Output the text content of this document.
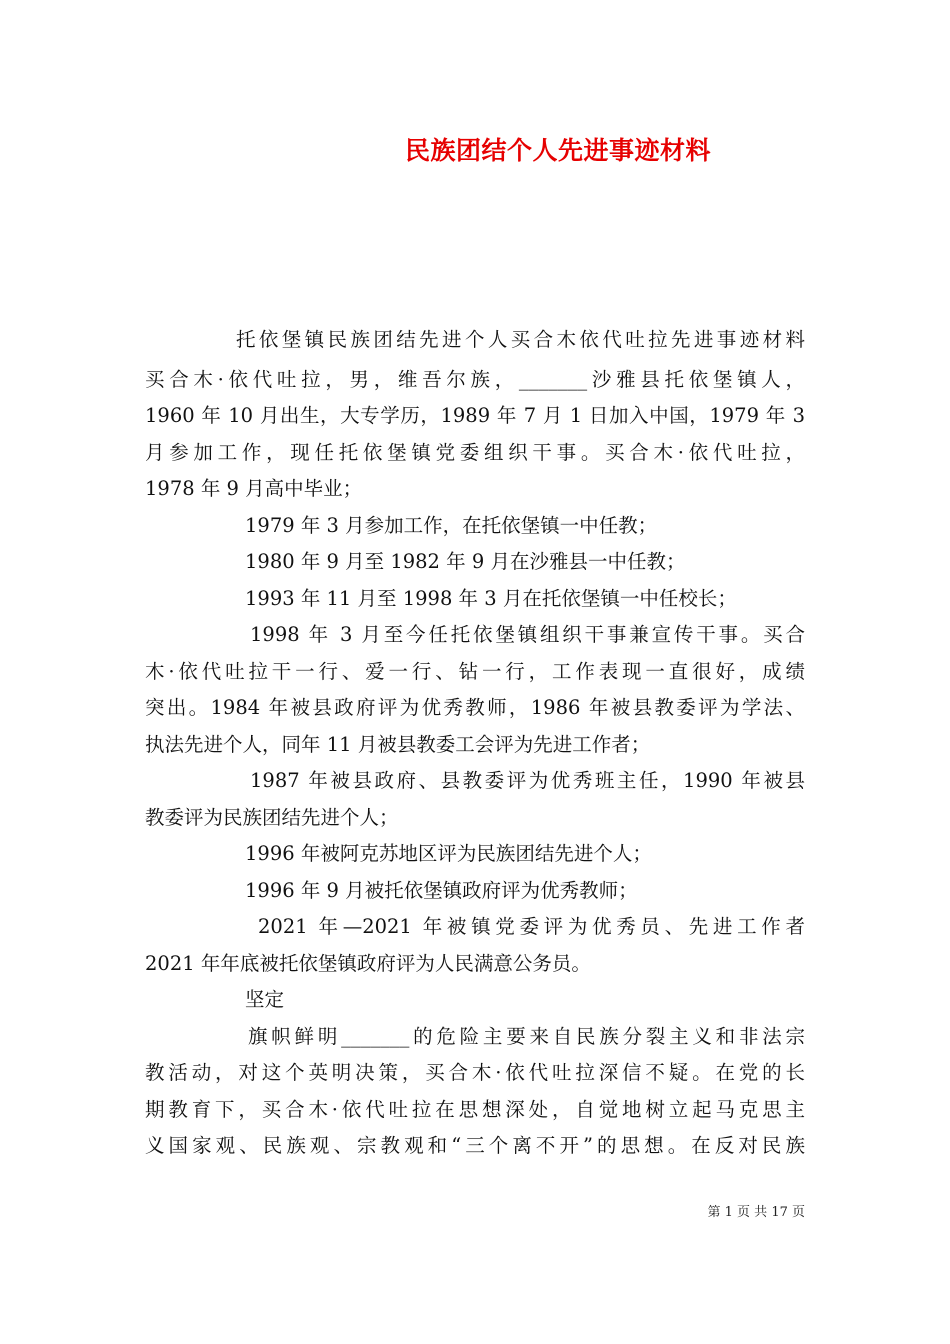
民族团结个人先进事迹材料
托依堡镇民族团结先进个人买合木依代吐拉先进事迹材料
买合木·依代吐拉，男，维吾尔族，_______沙雅县托依堡镇人，
1960 年 10 月出生，大专学历，1989 年 7 月 1 日加入中国，1979 年 3
月参加工作，现任托依堡镇党委组织干事。买合木·依代吐拉，
1978 年 9 月高中毕业；
1979 年 3 月参加工作，在托依堡镇一中任教；
1980 年 9 月至 1982 年 9 月在沙雅县一中任教；
1993 年 11 月至 1998 年 3 月在托依堡镇一中任校长；
1998 年 3 月至今任托依堡镇组织干事兼宣传干事。买合
木·依代吐拉干一行、爱一行、钻一行，工作表现一直很好，成绩
突出。1984 年被县政府评为优秀教师，1986 年被县教委评为学法、
执法先进个人，同年 11 月被县教委工会评为先进工作者；
1987 年被县政府、县教委评为优秀班主任，1990 年被县
教委评为民族团结先进个人；
1996 年被阿克苏地区评为民族团结先进个人；
1996 年 9 月被托依堡镇政府评为优秀教师；
2021 年—2021 年被镇党委评为优秀员、先进工作者
2021 年年底被托依堡镇政府评为人民满意公务员。
坚定
旗帜鲜明_______的危险主要来自民族分裂主义和非法宗
教活动，对这个英明决策，买合木·依代吐拉深信不疑。在党的长
期教育下，买合木·依代吐拉在思想深处，自觉地树立起马克思主
义国家观、民族观、宗教观和“三个离不开”的思想。在反对民族
第 1 页 共 17 页
